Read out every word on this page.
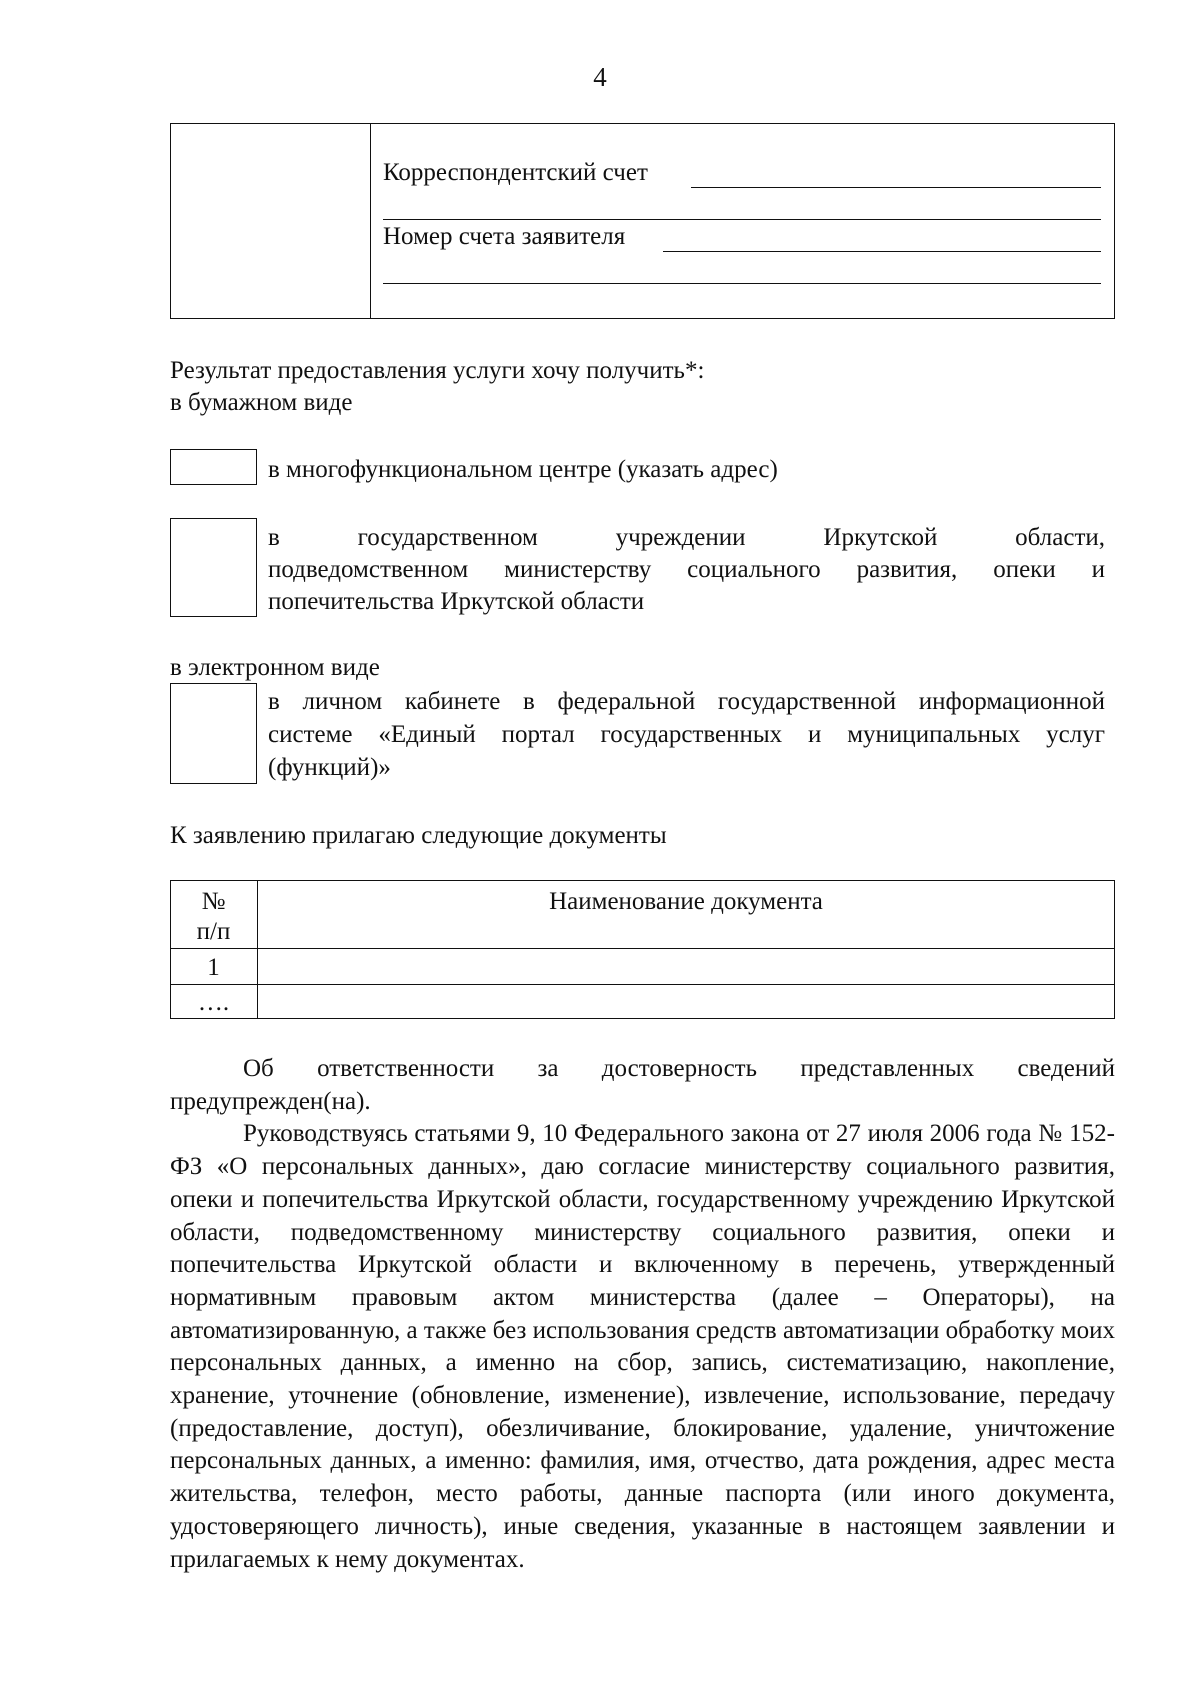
4
Корреспондентский счет
Номер счета заявителя
Результат предоставления услуги хочу получить*:
в бумажном виде
в многофункциональном центре (указать адрес)
в государственном учреждении Иркутской области,
подведомственном министерству социального развития, опеки и
попечительства Иркутской области
в электронном виде
в личном кабинете в федеральной государственной информационной
системе «Единый портал государственных и муниципальных услуг
(функций)»
К заявлению прилагаю следующие документы
№
п/п
Наименование документа
1
….

Об ответственности за достоверность представленных сведений предупрежден(на).

Руководствуясь статьями 9, 10 Федерального закона от 27 июля 2006 года № 152-ФЗ «О персональных данных», даю согласие министерству социального развития, опеки и попечительства Иркутской области, государственному учреждению Иркутской области, подведомственному министерству социального развития, опеки и попечительства Иркутской области и включенному в перечень, утвержденный нормативным правовым актом министерства (далее – Операторы), на автоматизированную, а также без использования средств автоматизации обработку моих персональных данных, а именно на сбор, запись, систематизацию, накопление, хранение, уточнение (обновление, изменение), извлечение, использование, передачу (предоставление, доступ), обезличивание, блокирование, удаление, уничтожение персональных данных, а именно: фамилия, имя, отчество, дата рождения, адрес места жительства, телефон, место работы, данные паспорта (или иного документа, удостоверяющего личность), иные сведения, указанные в настоящем заявлении и прилагаемых к нему документах.
